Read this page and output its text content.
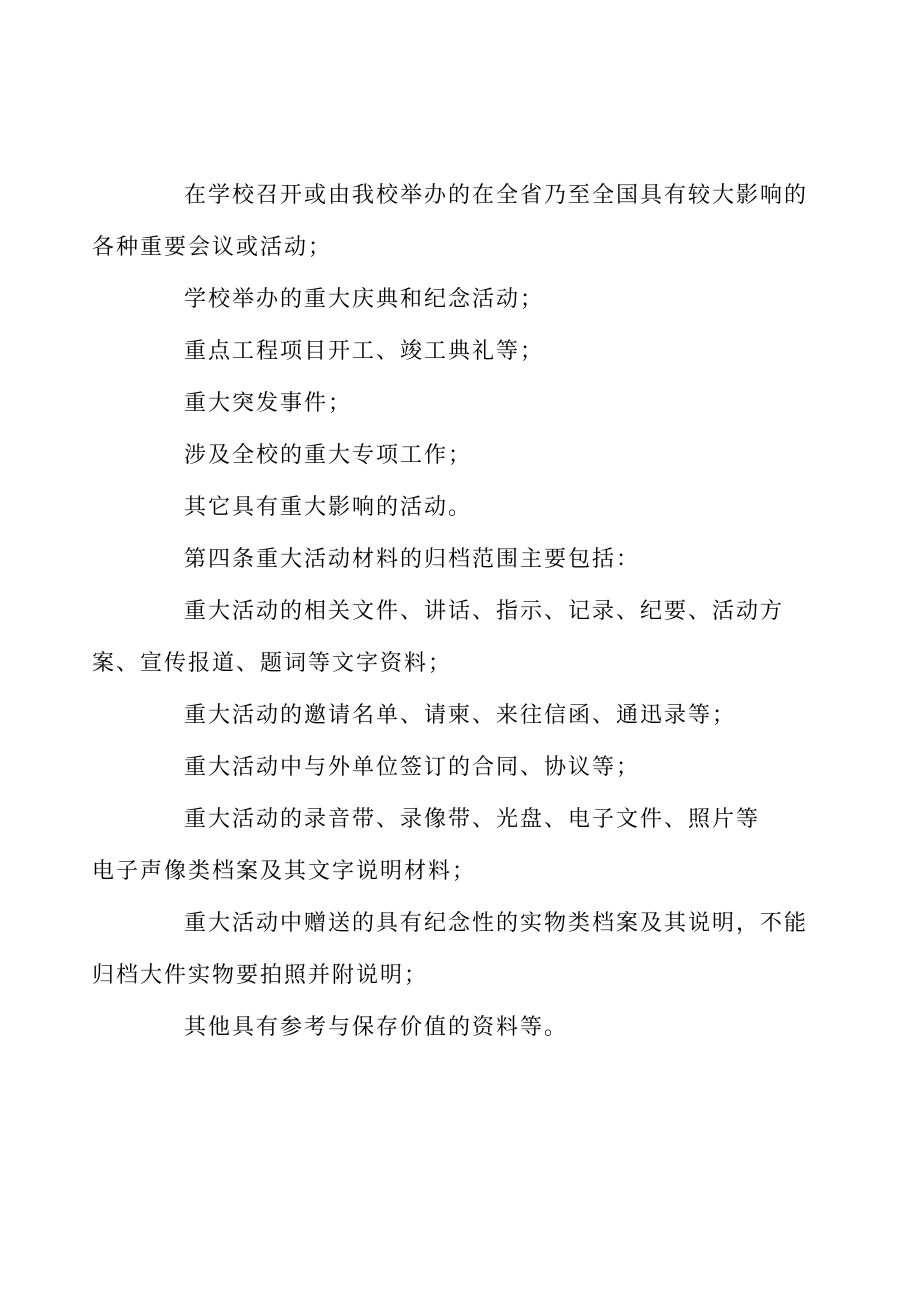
在学校召开或由我校举办的在全省乃至全国具有较大影响的
各种重要会议或活动；

学校举办的重大庆典和纪念活动；

重点工程项目开工、竣工典礼等；

重大突发事件；

涉及全校的重大专项工作；

其它具有重大影响的活动。

第四条重大活动材料的归档范围主要包括：

重大活动的相关文件、讲话、指示、记录、纪要、活动方
案、宣传报道、题词等文字资料；

重大活动的邀请名单、请柬、来往信函、通迅录等；

重大活动中与外单位签订的合同、协议等；

重大活动的录音带、录像带、光盘、电子文件、照片等
电子声像类档案及其文字说明材料；

重大活动中赠送的具有纪念性的实物类档案及其说明，不能
归档大件实物要拍照并附说明；

其他具有参考与保存价值的资料等。
